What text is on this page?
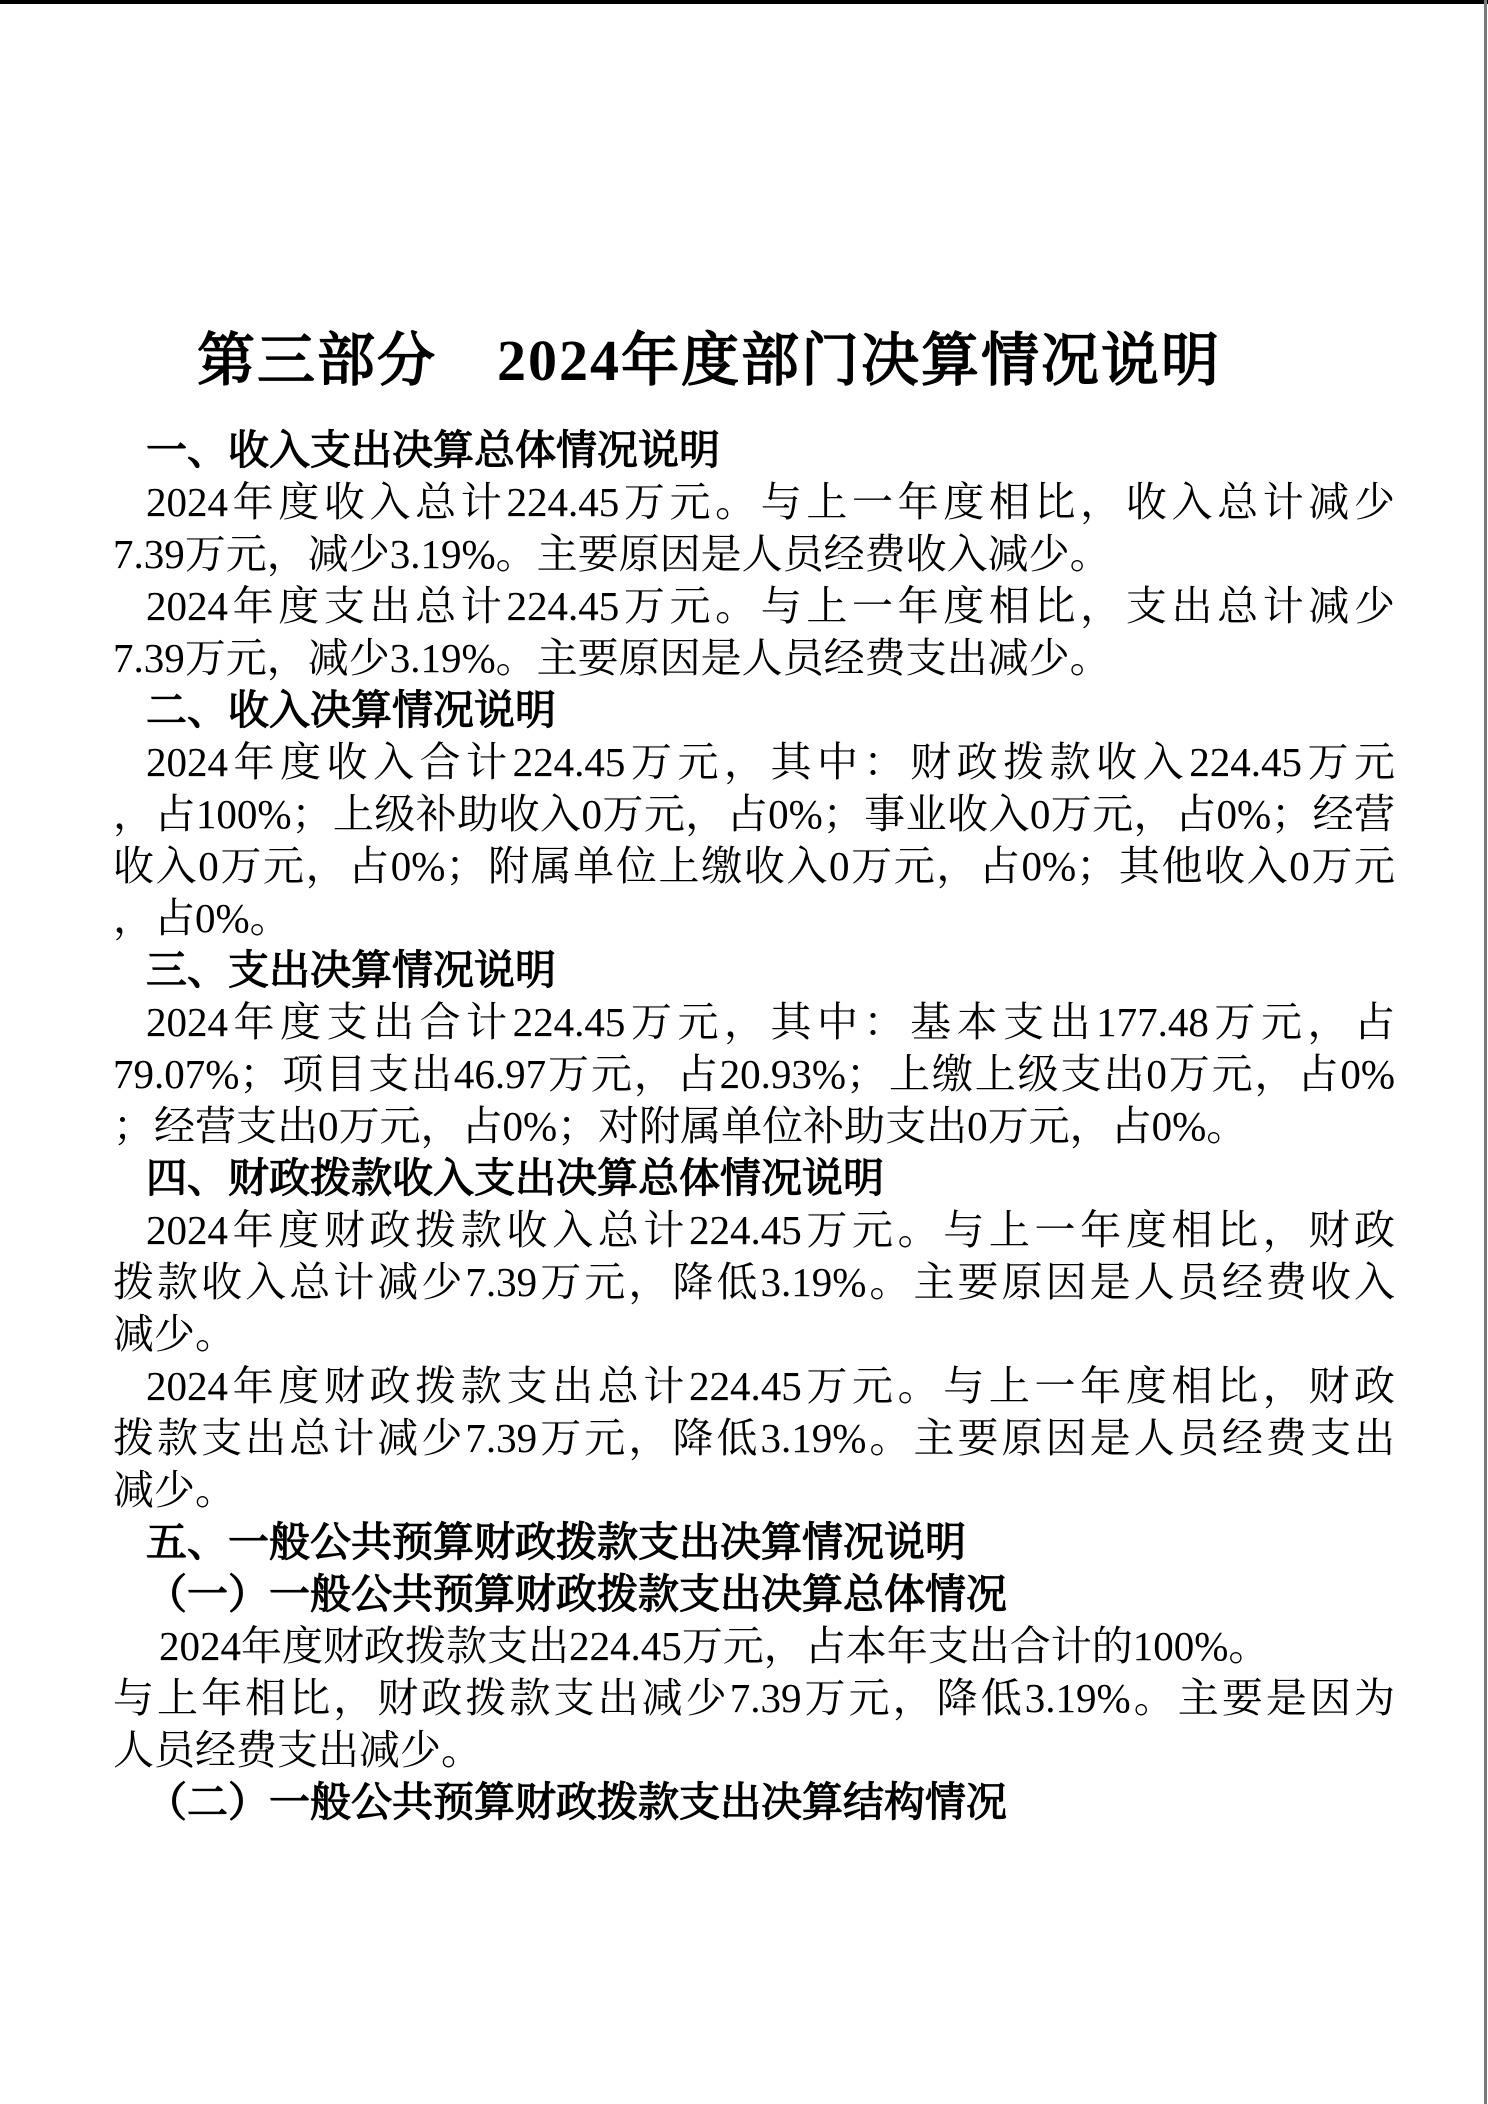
第三部分　2024年度部门决算情况说明
一、收入支出决算总体情况说明
2024年度收入总计224.45万元。与上一年度相比，收入总计减少
7.39万元，减少3.19%。主要原因是人员经费收入减少。
2024年度支出总计224.45万元。与上一年度相比，支出总计减少
7.39万元，减少3.19%。主要原因是人员经费支出减少。
二、收入决算情况说明
2024年度收入合计224.45万元，其中：财政拨款收入224.45万元
，占100%；上级补助收入0万元，占0%；事业收入0万元，占0%；经营
收入0万元，占0%；附属单位上缴收入0万元，占0%；其他收入0万元
，占0%。
三、支出决算情况说明
2024年度支出合计224.45万元，其中：基本支出177.48万元，占
79.07%；项目支出46.97万元，占20.93%；上缴上级支出0万元，占0%
；经营支出0万元，占0%；对附属单位补助支出0万元，占0%。
四、财政拨款收入支出决算总体情况说明
2024年度财政拨款收入总计224.45万元。与上一年度相比，财政
拨款收入总计减少7.39万元，降低3.19%。主要原因是人员经费收入
减少。
2024年度财政拨款支出总计224.45万元。与上一年度相比，财政
拨款支出总计减少7.39万元，降低3.19%。主要原因是人员经费支出
减少。
五、一般公共预算财政拨款支出决算情况说明
（一）一般公共预算财政拨款支出决算总体情况
2024年度财政拨款支出224.45万元，占本年支出合计的100%。
与上年相比，财政拨款支出减少7.39万元，降低3.19%。主要是因为
人员经费支出减少。
（二）一般公共预算财政拨款支出决算结构情况
